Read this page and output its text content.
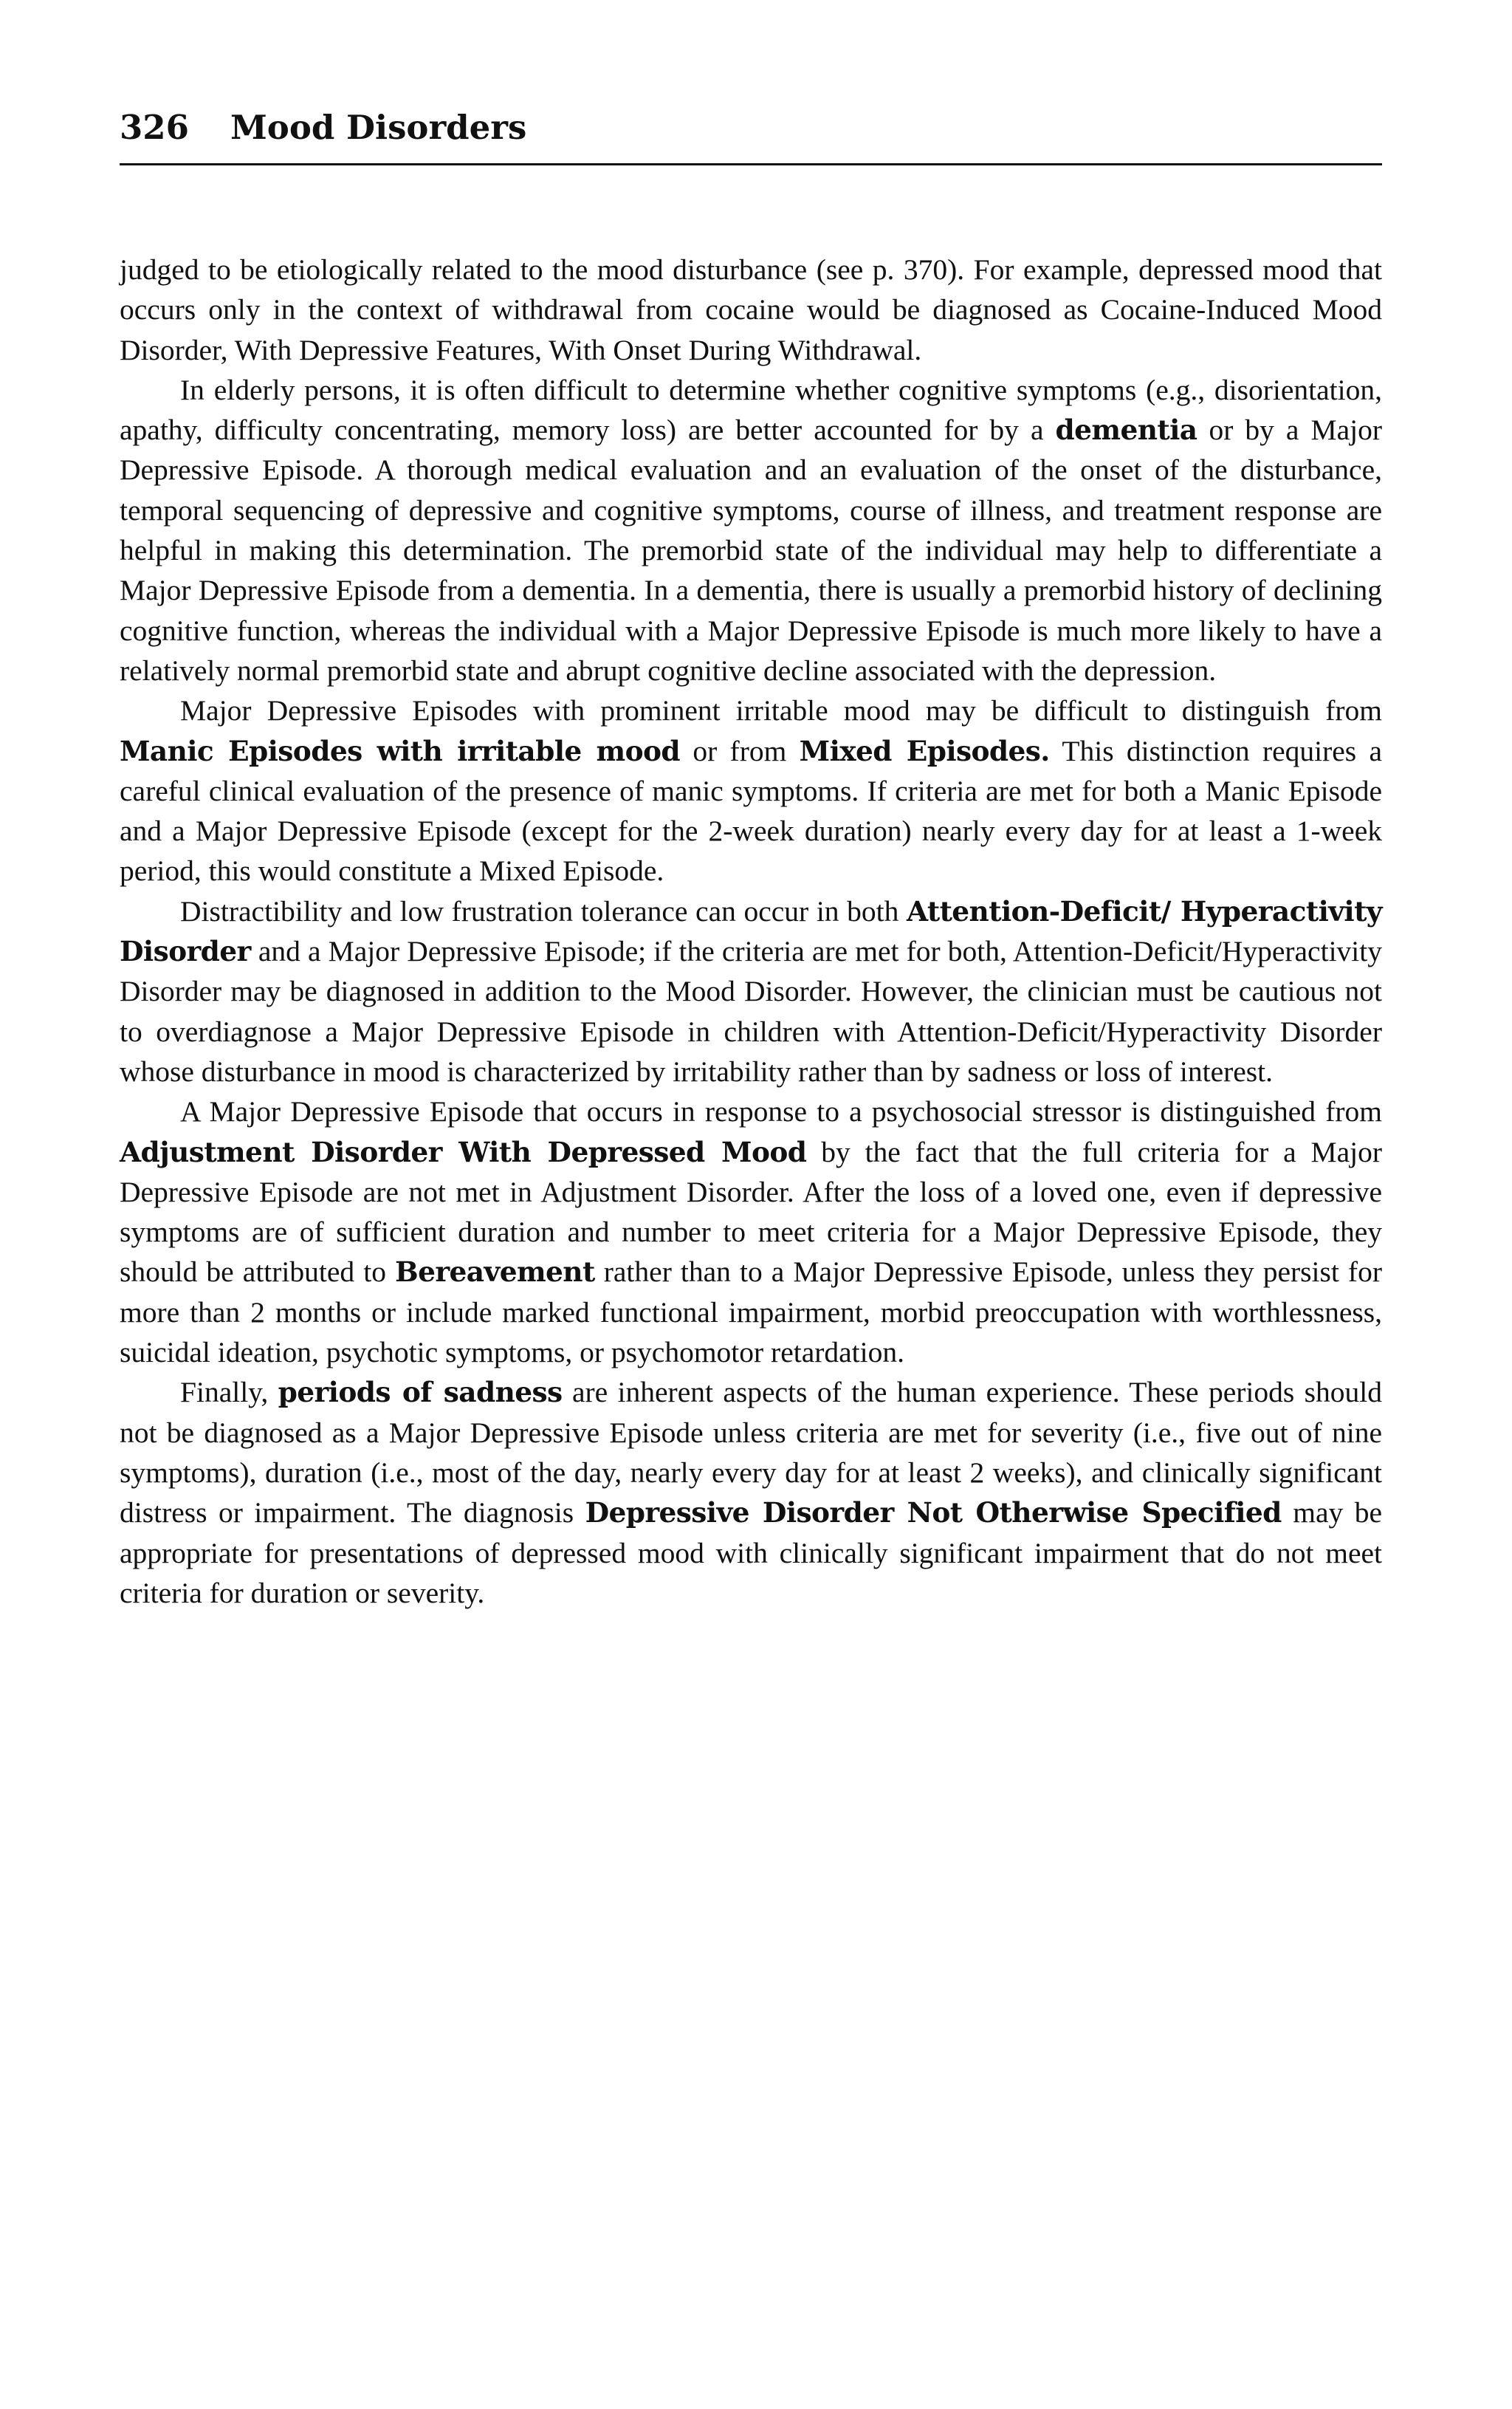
326	Mood Disorders

judged to be etiologically related to the mood disturbance (see p. 370). For example, depressed mood that occurs only in the context of withdrawal from cocaine would be diagnosed as Cocaine-Induced Mood Disorder, With Depressive Features, With Onset During Withdrawal.

In elderly persons, it is often difficult to determine whether cognitive symptoms (e.g., disorientation, apathy, difficulty concentrating, memory loss) are better accounted for by a dementia or by a Major Depressive Episode. A thorough medical evaluation and an evaluation of the onset of the disturbance, temporal sequencing of depressive and cognitive symptoms, course of illness, and treatment response are helpful in making this determination. The premorbid state of the individual may help to differentiate a Major Depressive Episode from a dementia. In a dementia, there is usually a premorbid history of declining cognitive function, whereas the individual with a Major Depressive Episode is much more likely to have a relatively normal premorbid state and abrupt cognitive decline associated with the depression.

Major Depressive Episodes with prominent irritable mood may be difficult to distinguish from Manic Episodes with irritable mood or from Mixed Episodes. This distinction requires a careful clinical evaluation of the presence of manic symptoms. If criteria are met for both a Manic Episode and a Major Depressive Episode (except for the 2-week duration) nearly every day for at least a 1-week period, this would constitute a Mixed Episode.

Distractibility and low frustration tolerance can occur in both Attention-Deficit/ Hyperactivity Disorder and a Major Depressive Episode; if the criteria are met for both, Attention-Deficit/Hyperactivity Disorder may be diagnosed in addition to the Mood Disorder. However, the clinician must be cautious not to overdiagnose a Major Depressive Episode in children with Attention-Deficit/Hyperactivity Disorder whose disturbance in mood is characterized by irritability rather than by sadness or loss of interest.

A Major Depressive Episode that occurs in response to a psychosocial stressor is distinguished from Adjustment Disorder With Depressed Mood by the fact that the full criteria for a Major Depressive Episode are not met in Adjustment Disorder. After the loss of a loved one, even if depressive symptoms are of sufficient duration and number to meet criteria for a Major Depressive Episode, they should be attributed to Bereavement rather than to a Major Depressive Episode, unless they persist for more than 2 months or include marked functional impairment, morbid preoccupation with worthlessness, suicidal ideation, psychotic symptoms, or psychomotor retardation.

Finally, periods of sadness are inherent aspects of the human experience. These periods should not be diagnosed as a Major Depressive Episode unless criteria are met for severity (i.e., five out of nine symptoms), duration (i.e., most of the day, nearly every day for at least 2 weeks), and clinically significant distress or impairment. The diagnosis Depressive Disorder Not Otherwise Specified may be appropriate for presentations of depressed mood with clinically significant impairment that do not meet criteria for duration or severity.
